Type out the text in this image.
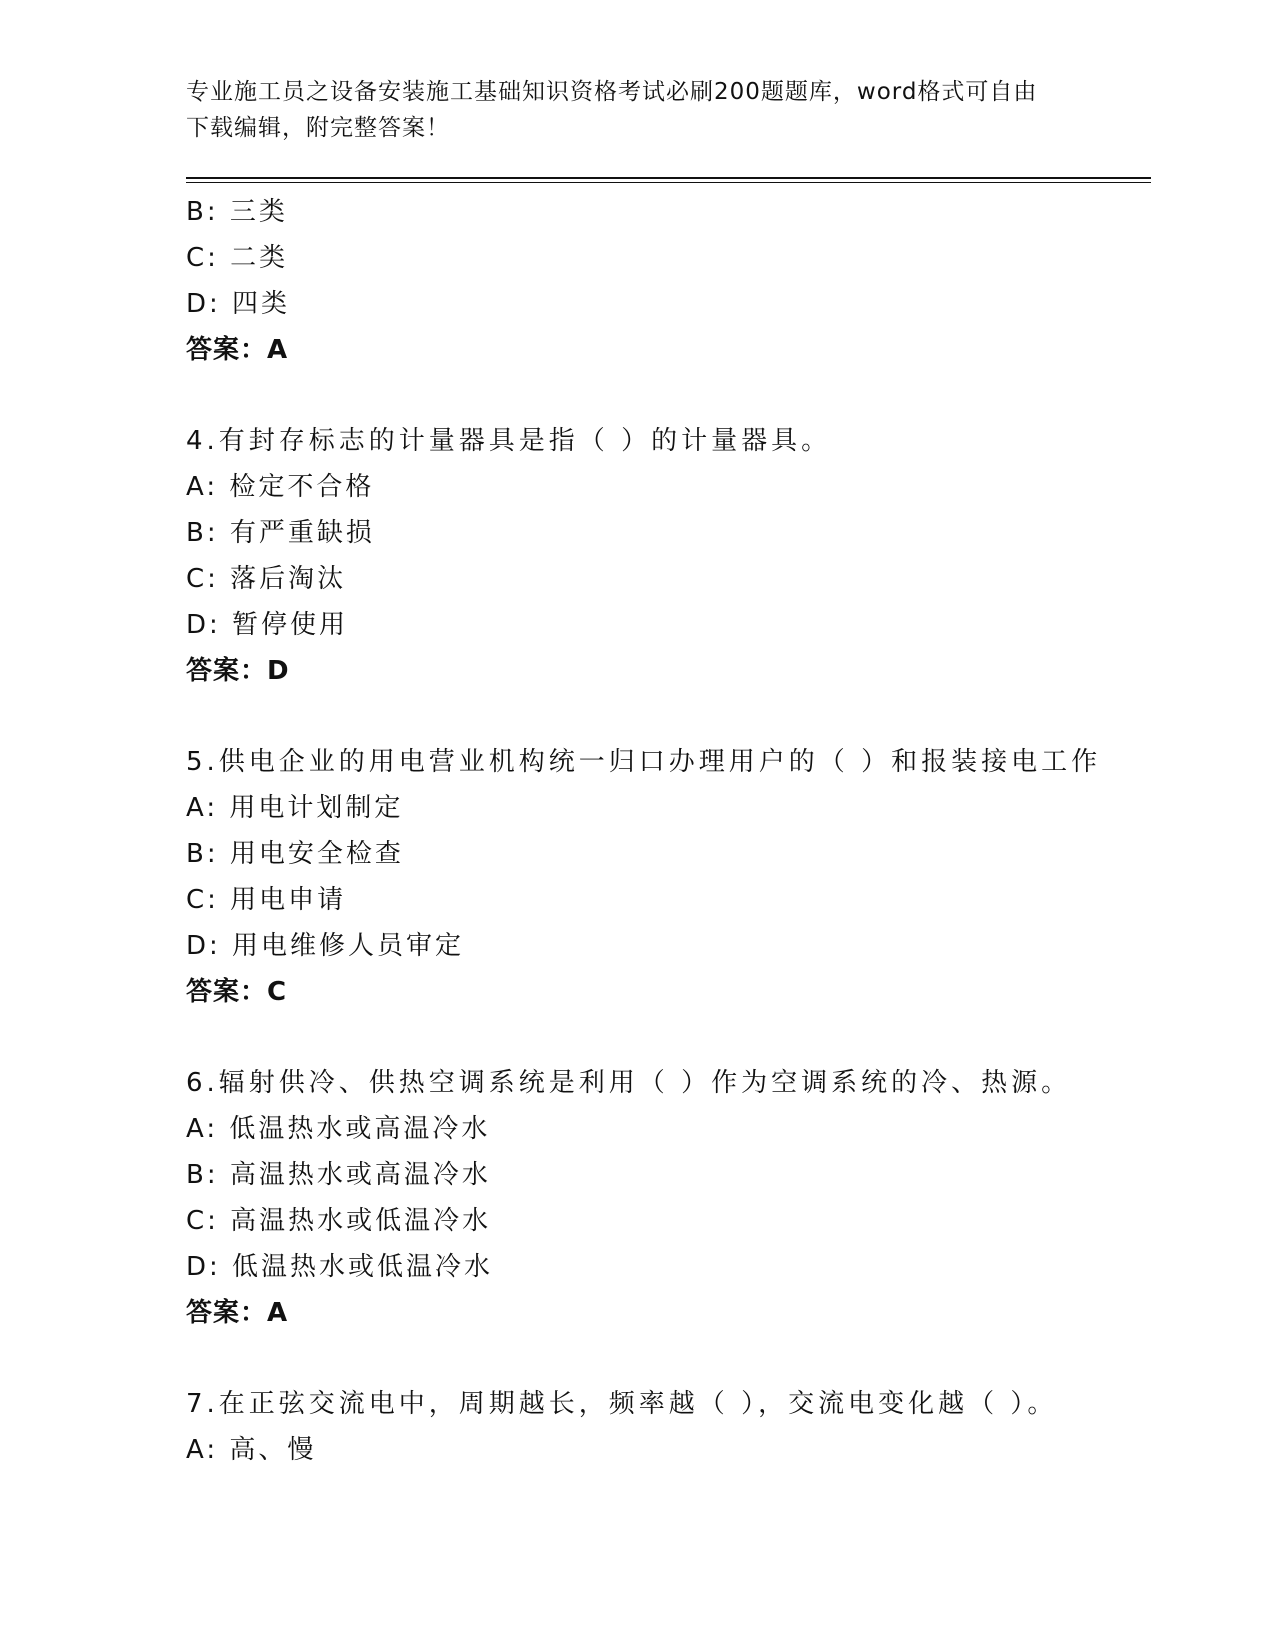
专业施工员之设备安装施工基础知识资格考试必刷200题题库，word格式可自由
下载编辑，附完整答案！
B: 三类
C: 二类
D: 四类
答案：A
4.有封存标志的计量器具是指（ ）的计量器具。
A: 检定不合格
B: 有严重缺损
C: 落后淘汰
D: 暂停使用
答案：D
5.供电企业的用电营业机构统一归口办理用户的（ ）和报装接电工作
A: 用电计划制定
B: 用电安全检查
C: 用电申请
D: 用电维修人员审定
答案：C
6.辐射供冷、供热空调系统是利用（ ）作为空调系统的冷、热源。
A: 低温热水或高温冷水
B: 高温热水或高温冷水
C: 高温热水或低温冷水
D: 低温热水或低温冷水
答案：A
7.在正弦交流电中，周期越长，频率越（ ），交流电变化越（ ）。
A: 高、慢
